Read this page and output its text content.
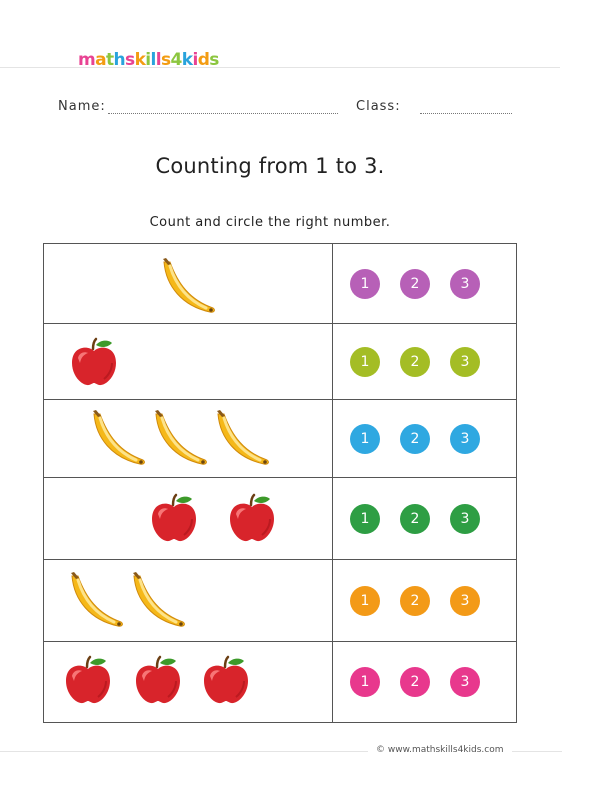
mathskills4kids
Name:	Class:
Counting from 1 to 3.
Count and circle the right number.
1	2	3
1	2	3
1	2	3
1	2	3
1	2	3
1	2	3
© www.mathskills4kids.com
